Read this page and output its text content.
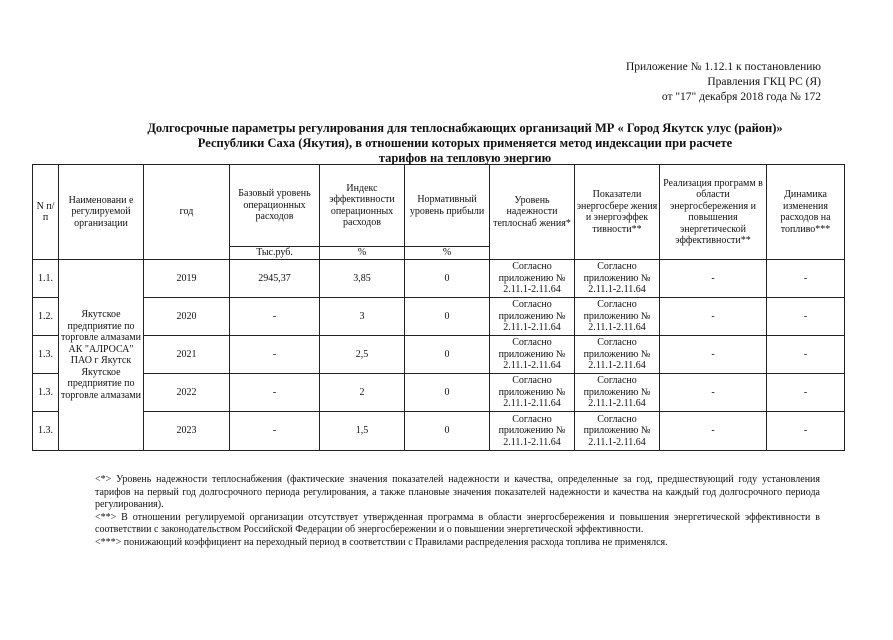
Приложение № 1.12.1 к постановлению
Правления ГКЦ РС (Я)
от "17" декабря 2018 года № 172
Долгосрочные параметры регулирования для теплоснабжающих организаций МР « Город Якутск улус (район)»
Республики Саха (Якутия), в отношении которых применяется метод индексации при расчете
тарифов на тепловую энергию
N п/п	Наименовани е регулируемой организации	год	Базовый уровень операционных расходов	Индекс эффективности операционных расходов	Нормативный уровень прибыли	Уровень надежности теплоснаб жения*	Показатели энергосбере жения и энергоэффек тивности**	Реализация программ в области энергосбережения и повышения энергетической эффективности**	Динамика изменения расходов на топливо***
			Тыс.руб.	%	%				
1.1.	Якутское предприятие по торговле алмазами АК "АЛРОСА" ПАО г Якутск Якутское предприятие по торговле алмазами	2019	2945,37	3,85	0	Согласно приложению № 2.11.1-2.11.64	Согласно приложению № 2.11.1-2.11.64	-	-
1.2.		2020	-	3	0	Согласно приложению № 2.11.1-2.11.64	Согласно приложению № 2.11.1-2.11.64	-	-
1.3.		2021	-	2,5	0	Согласно приложению № 2.11.1-2.11.64	Согласно приложению № 2.11.1-2.11.64	-	-
1.3.		2022	-	2	0	Согласно приложению № 2.11.1-2.11.64	Согласно приложению № 2.11.1-2.11.64	-	-
1.3.		2023	-	1,5	0	Согласно приложению № 2.11.1-2.11.64	Согласно приложению № 2.11.1-2.11.64	-	-

<*> Уровень надежности теплоснабжения (фактические значения показателей надежности и качества, определенные за год, предшествующий году установления тарифов на первый год долгосрочного периода регулирования, а также плановые значения показателей надежности и качества на каждый год долгосрочного периода регулирования).

<**> В отношении регулируемой организации отсутствует утвержденная программа в области энергосбережения и повышения энергетической эффективности в соответствии с законодательством Российской Федерации об энергосбережении и о повышении энергетической эффективности.

<***> понижающий коэффициент на переходный период в соответствии с Правилами распределения расхода топлива не применялся.
